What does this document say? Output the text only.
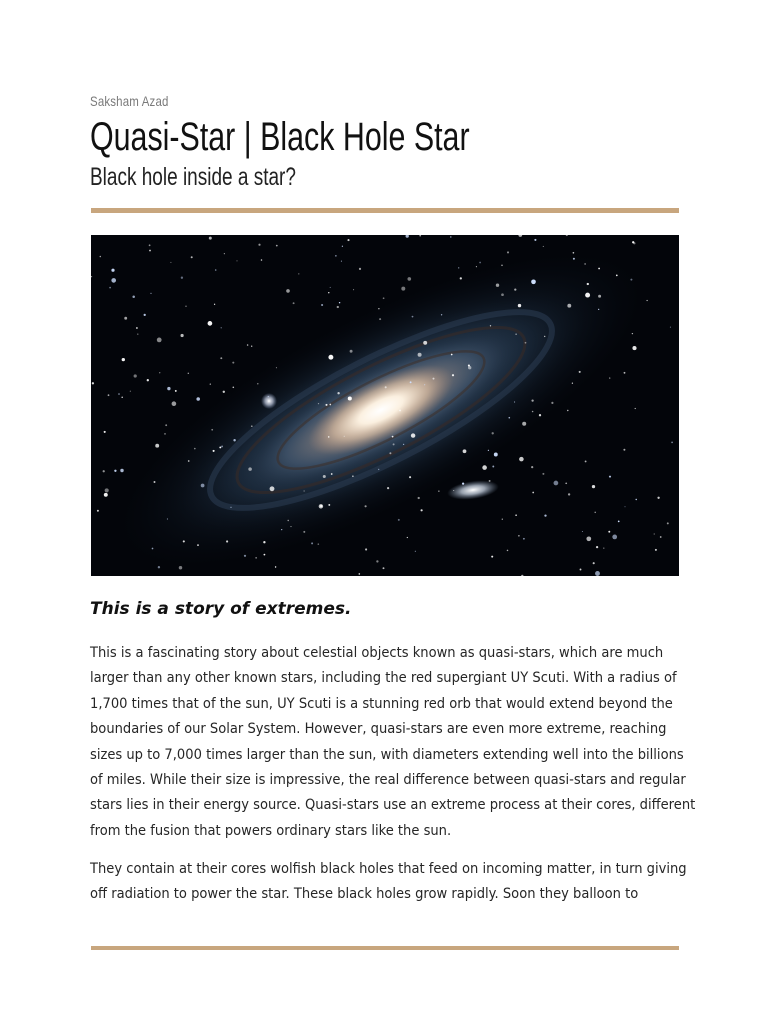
Saksham Azad
Quasi-Star | Black Hole Star
Black hole inside a star?

This is a story of extremes.

This is a fascinating story about celestial objects known as quasi-stars, which are much
larger than any other known stars, including the red supergiant UY Scuti. With a radius of
1,700 times that of the sun, UY Scuti is a stunning red orb that would extend beyond the
boundaries of our Solar System. However, quasi-stars are even more extreme, reaching
sizes up to 7,000 times larger than the sun, with diameters extending well into the billions
of miles. While their size is impressive, the real difference between quasi-stars and regular
stars lies in their energy source. Quasi-stars use an extreme process at their cores, different
from the fusion that powers ordinary stars like the sun.

They contain at their cores wolfish black holes that feed on incoming matter, in turn giving
off radiation to power the star. These black holes grow rapidly. Soon they balloon to
